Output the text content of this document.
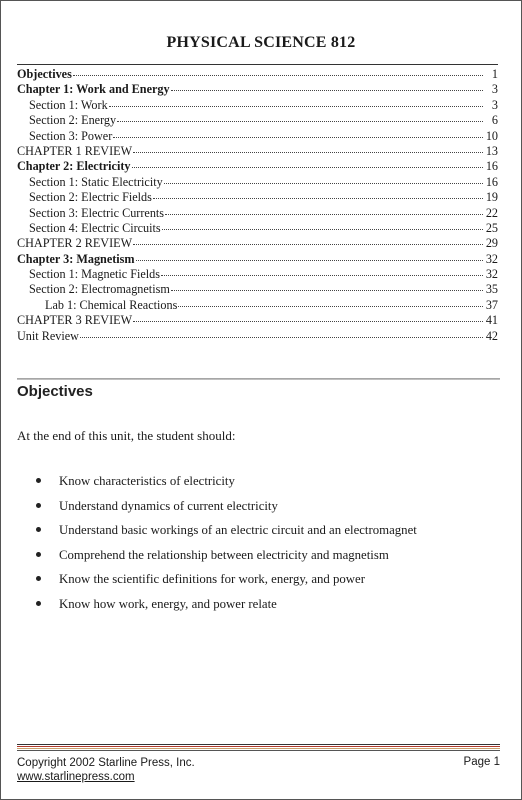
PHYSICAL SCIENCE 812
Objectives	1
Chapter 1: Work and Energy	3
Section 1: Work	3
Section 2: Energy	6
Section 3: Power	10
CHAPTER 1 REVIEW	13
Chapter 2: Electricity	16
Section 1: Static Electricity	16
Section 2: Electric Fields	19
Section 3: Electric Currents	22
Section 4: Electric Circuits	25
CHAPTER 2 REVIEW	29
Chapter 3: Magnetism	32
Section 1: Magnetic Fields	32
Section 2: Electromagnetism	35
Lab 1: Chemical Reactions	37
CHAPTER 3 REVIEW	41
Unit Review	42
Objectives
At the end of this unit, the student should:
Know characteristics of electricity
Understand dynamics of current electricity
Understand basic workings of an electric circuit and an electromagnet
Comprehend the relationship between electricity and magnetism
Know the scientific definitions for work, energy, and power
Know how work, energy, and power relate
Copyright 2002 Starline Press, Inc.
www.starlinepress.com
Page 1
